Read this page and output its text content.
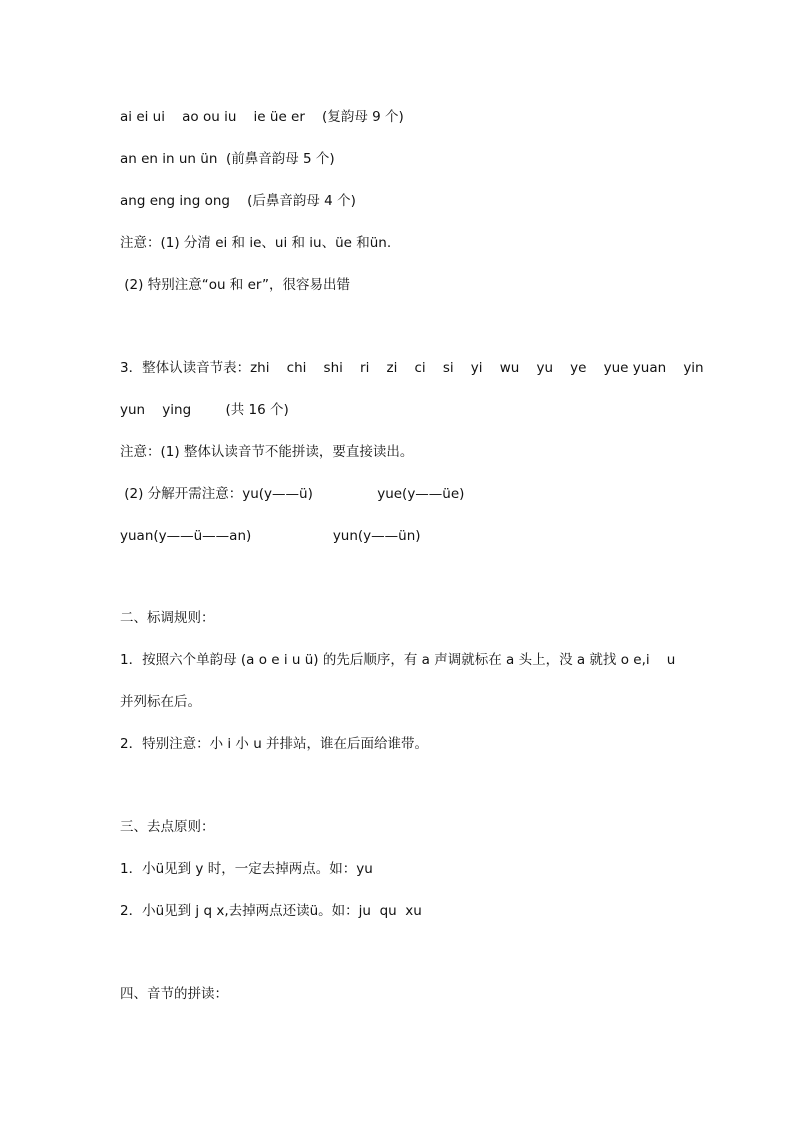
ai ei ui    ao ou iu    ie üe er    (复韵母 9 个)
an en in un ün  (前鼻音韵母 5 个)
ang eng ing ong    (后鼻音韵母 4 个)
注意：(1) 分清 ei 和 ie、ui 和 iu、üe 和ün.
(2) 特别注意“ou 和 er”，很容易出错
3．整体认读音节表：zhi    chi    shi    ri    zi    ci    si    yi    wu    yu    ye    yue yuan    yin
yun    ying        (共 16 个)
注意：(1) 整体认读音节不能拼读，要直接读出。
(2) 分解开需注意：yu(y——ü)               yue(y——üe)
yuan(y——ü——an)                   yun(y——ün)
二、标调规则：
1．按照六个单韵母 (a o e i u ü) 的先后顺序，有 a 声调就标在 a 头上，没 a 就找 o e,i    u
并列标在后。
2．特别注意：小 i 小 u 并排站，谁在后面给谁带。
三、去点原则：
1．小ü见到 y 时，一定去掉两点。如：yu
2．小ü见到 j q x,去掉两点还读ü。如：ju  qu  xu
四、音节的拼读：
